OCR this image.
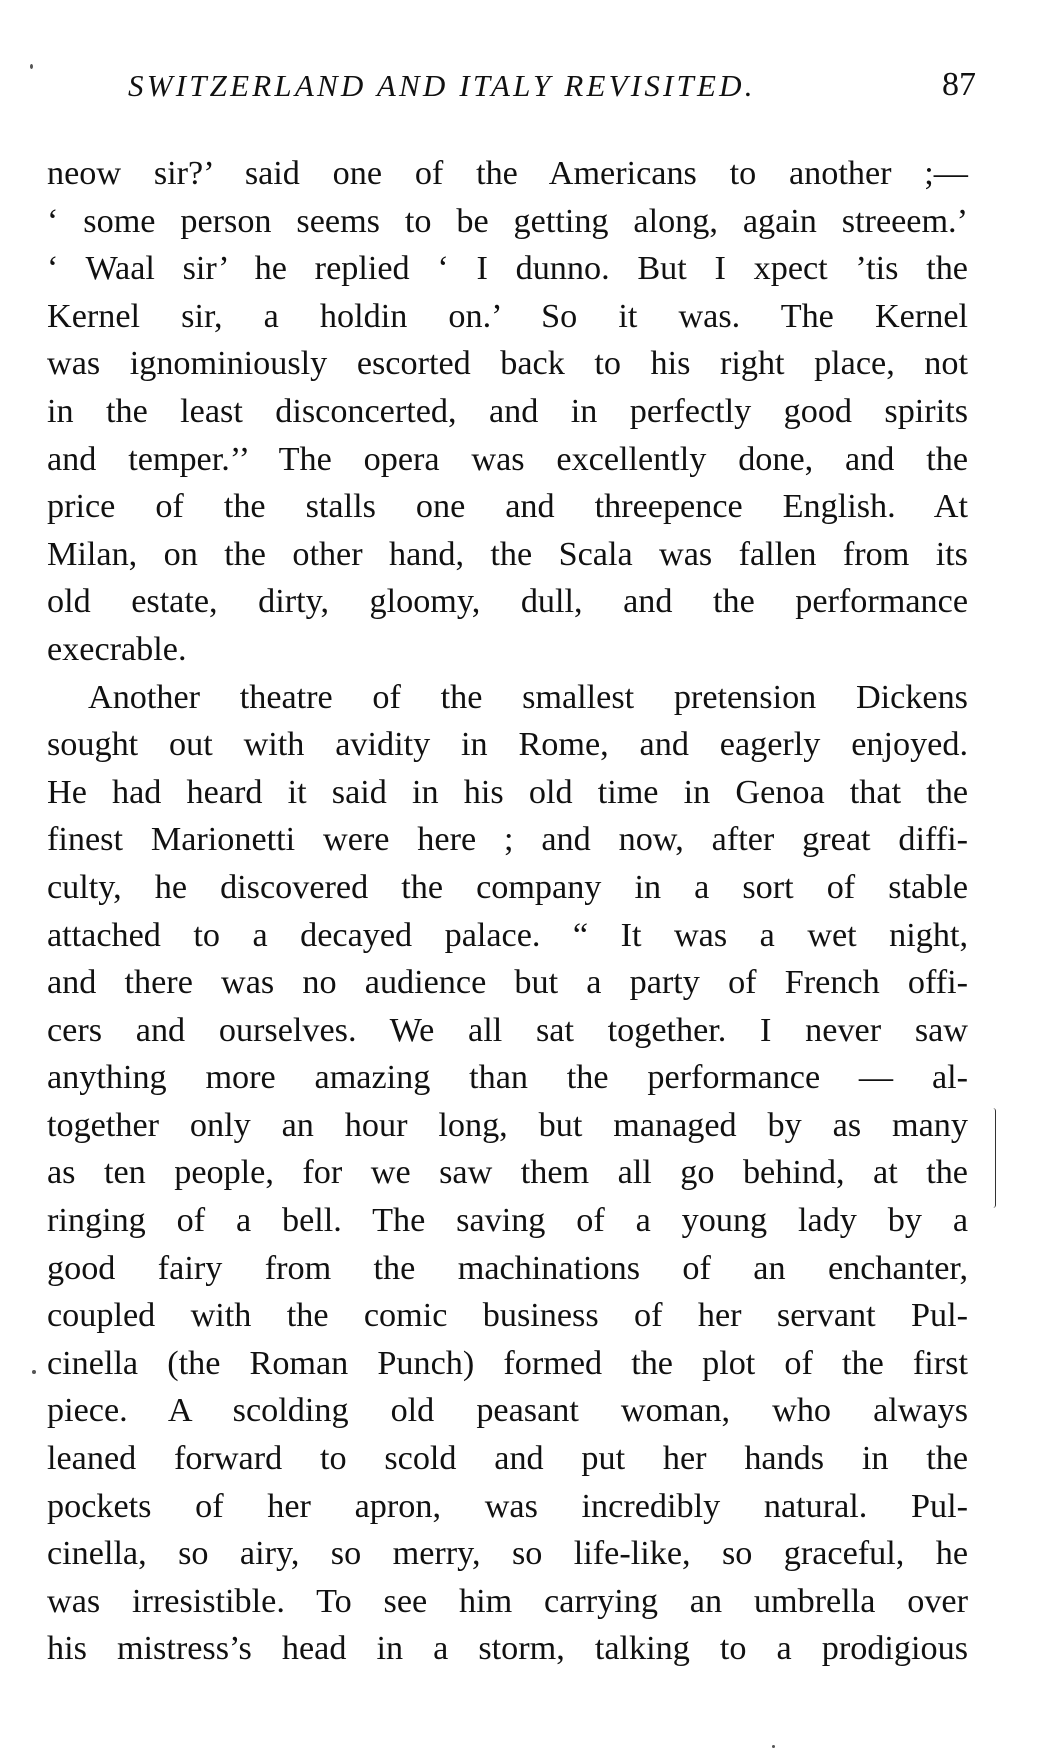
SWITZERLAND AND ITALY REVISITED.	87
neow sir?’ said one of the Americans to another ;—
‘ some person seems to be getting along, again streeem.’
‘ Waal sir’ he replied ‘ I dunno. But I xpect ’tis the
Kernel sir, a holdin on.’ So it was. The Kernel
was ignominiously escorted back to his right place, not
in the least disconcerted, and in perfectly good spirits
and temper.’’ The opera was excellently done, and the
price of the stalls one and threepence English. At
Milan, on the other hand, the Scala was fallen from its
old estate, dirty, gloomy, dull, and the performance
execrable.
Another theatre of the smallest pretension Dickens
sought out with avidity in Rome, and eagerly enjoyed.
He had heard it said in his old time in Genoa that the
finest Marionetti were here ; and now, after great diffi-
culty, he discovered the company in a sort of stable
attached to a decayed palace. “ It was a wet night,
and there was no audience but a party of French offi-
cers and ourselves. We all sat together. I never saw
anything more amazing than the performance — al-
together only an hour long, but managed by as many
as ten people, for we saw them all go behind, at the
ringing of a bell. The saving of a young lady by a
good fairy from the machinations of an enchanter,
coupled with the comic business of her servant Pul-
cinella (the Roman Punch) formed the plot of the first
piece. A scolding old peasant woman, who always
leaned forward to scold and put her hands in the
pockets of her apron, was incredibly natural. Pul-
cinella, so airy, so merry, so life-like, so graceful, he
was irresistible. To see him carrying an umbrella over
his mistress’s head in a storm, talking to a prodigious
